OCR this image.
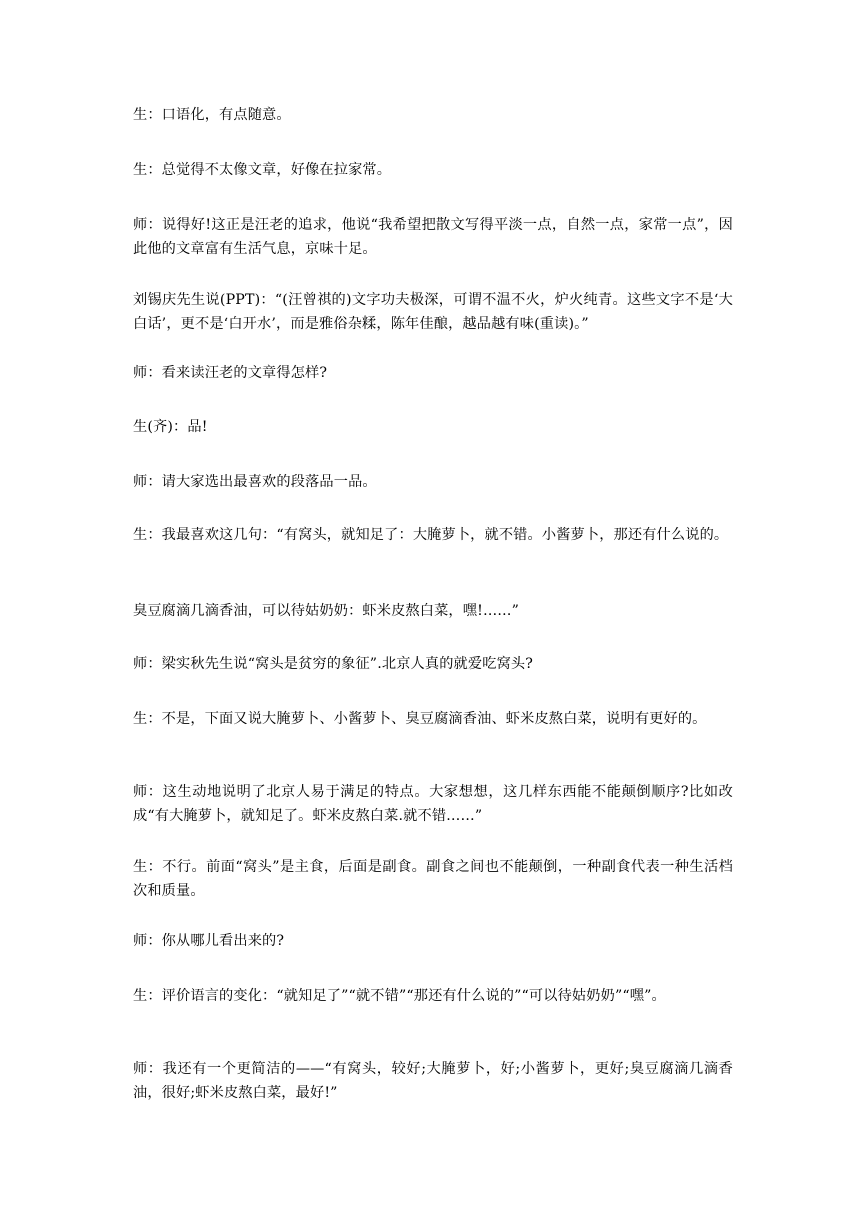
生：口语化，有点随意。

生：总觉得不太像文章，好像在拉家常。

师：说得好!这正是汪老的追求，他说“我希望把散文写得平淡一点，自然一点，家常一点”，因此他的文章富有生活气息，京味十足。

刘锡庆先生说(PPT)：“(汪曾祺的)文字功夫极深，可谓不温不火，炉火纯青。这些文字不是‘大白话’，更不是‘白开水’，而是雅俗杂糅，陈年佳酿，越品越有味(重读)。”

师：看来读汪老的文章得怎样?

生(齐)：品!

师：请大家选出最喜欢的段落品一品。

生：我最喜欢这几句：“有窝头，就知足了：大腌萝卜，就不错。小酱萝卜，那还有什么说的。

臭豆腐滴几滴香油，可以待姑奶奶：虾米皮熬白菜，嘿!……”

师：梁实秋先生说“窝头是贫穷的象征”.北京人真的就爱吃窝头?

生：不是，下面又说大腌萝卜、小酱萝卜、臭豆腐滴香油、虾米皮熬白菜，说明有更好的。

师：这生动地说明了北京人易于满足的特点。大家想想，这几样东西能不能颠倒顺序?比如改成“有大腌萝卜，就知足了。虾米皮熬白菜.就不错……”

生：不行。前面“窝头”是主食，后面是副食。副食之间也不能颠倒，一种副食代表一种生活档次和质量。

师：你从哪儿看出来的?

生：评价语言的变化：“就知足了”“就不错”“那还有什么说的”“可以待姑奶奶”“嘿”。

师：我还有一个更简洁的——“有窝头，较好;大腌萝卜，好;小酱萝卜，更好;臭豆腐滴几滴香油，很好;虾米皮熬白菜，最好!”
